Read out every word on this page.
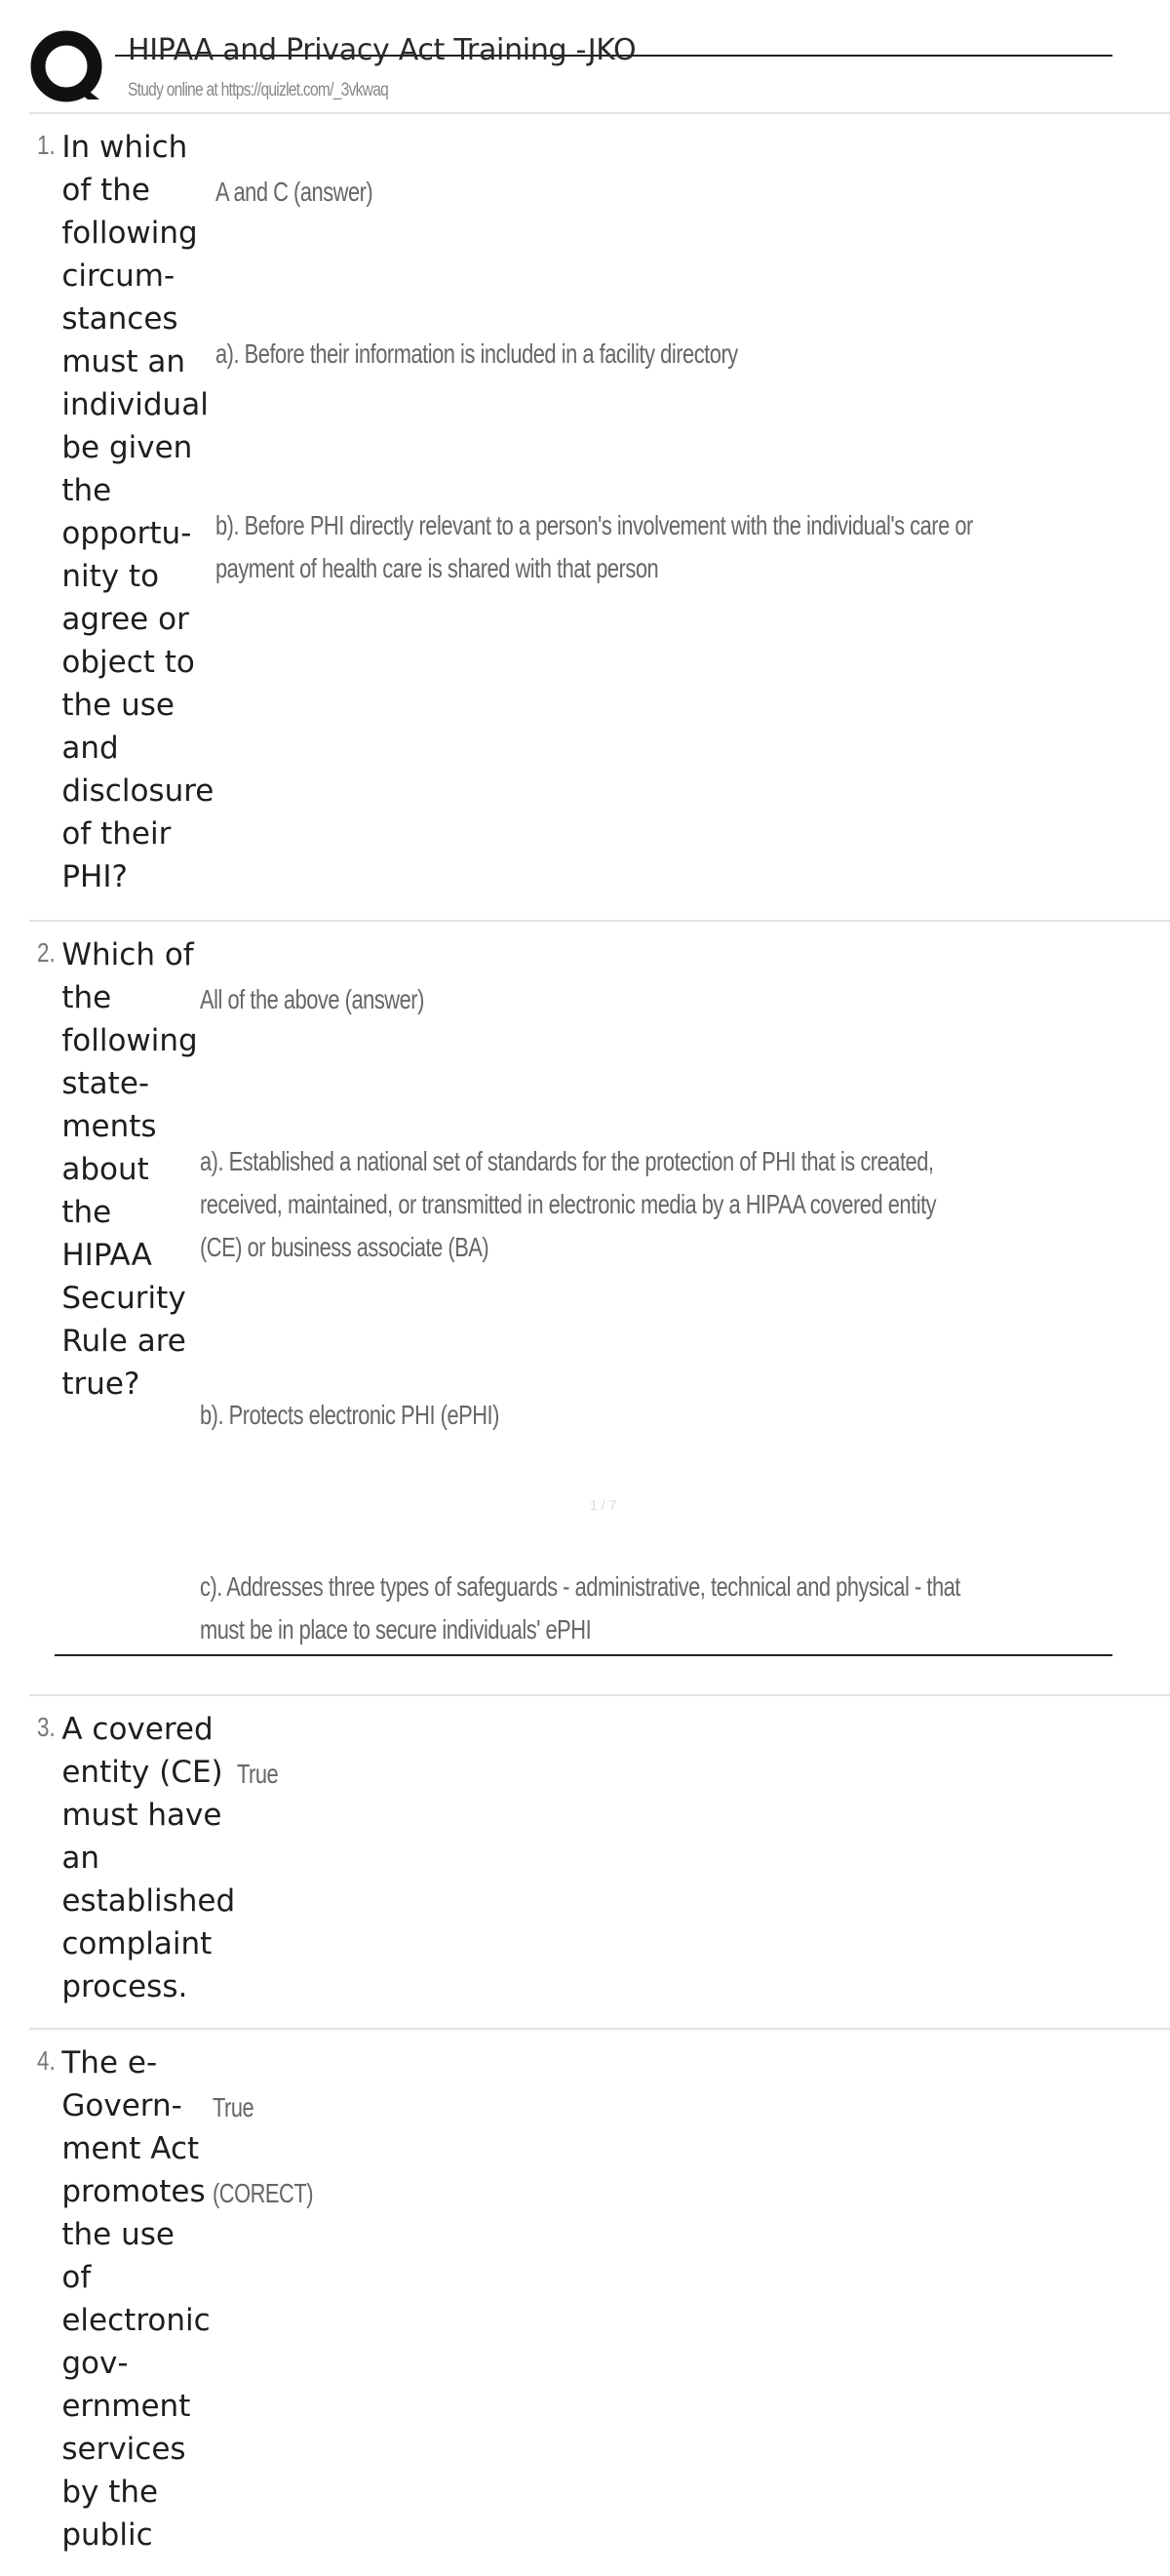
HIPAA and Privacy Act Training -JKO
Study online at https://quizlet.com/_3vkwaq
1. In which of the following circumstances must an individual be given the opportunity to agree or object to the use and disclosure of their PHI?

A and C (answer)

a). Before their information is included in a facility directory

b). Before PHI directly relevant to a person's involvement with the individual's care or payment of health care is shared with that person

2. Which of the following statements about the HIPAA Security Rule are true?

All of the above (answer)

a). Established a national set of standards for the protection of PHI that is created, received, maintained, or transmitted in electronic media by a HIPAA covered entity (CE) or business associate (BA)

b). Protects electronic PHI (ePHI)

c). Addresses three types of safeguards - administrative, technical and physical - that must be in place to secure individuals' ePHI

3. A covered entity (CE) must have an established complaint process.

True

4. The e-Government Act promotes the use of electronic government services by the public

True

(CORECT)

1 / 7
